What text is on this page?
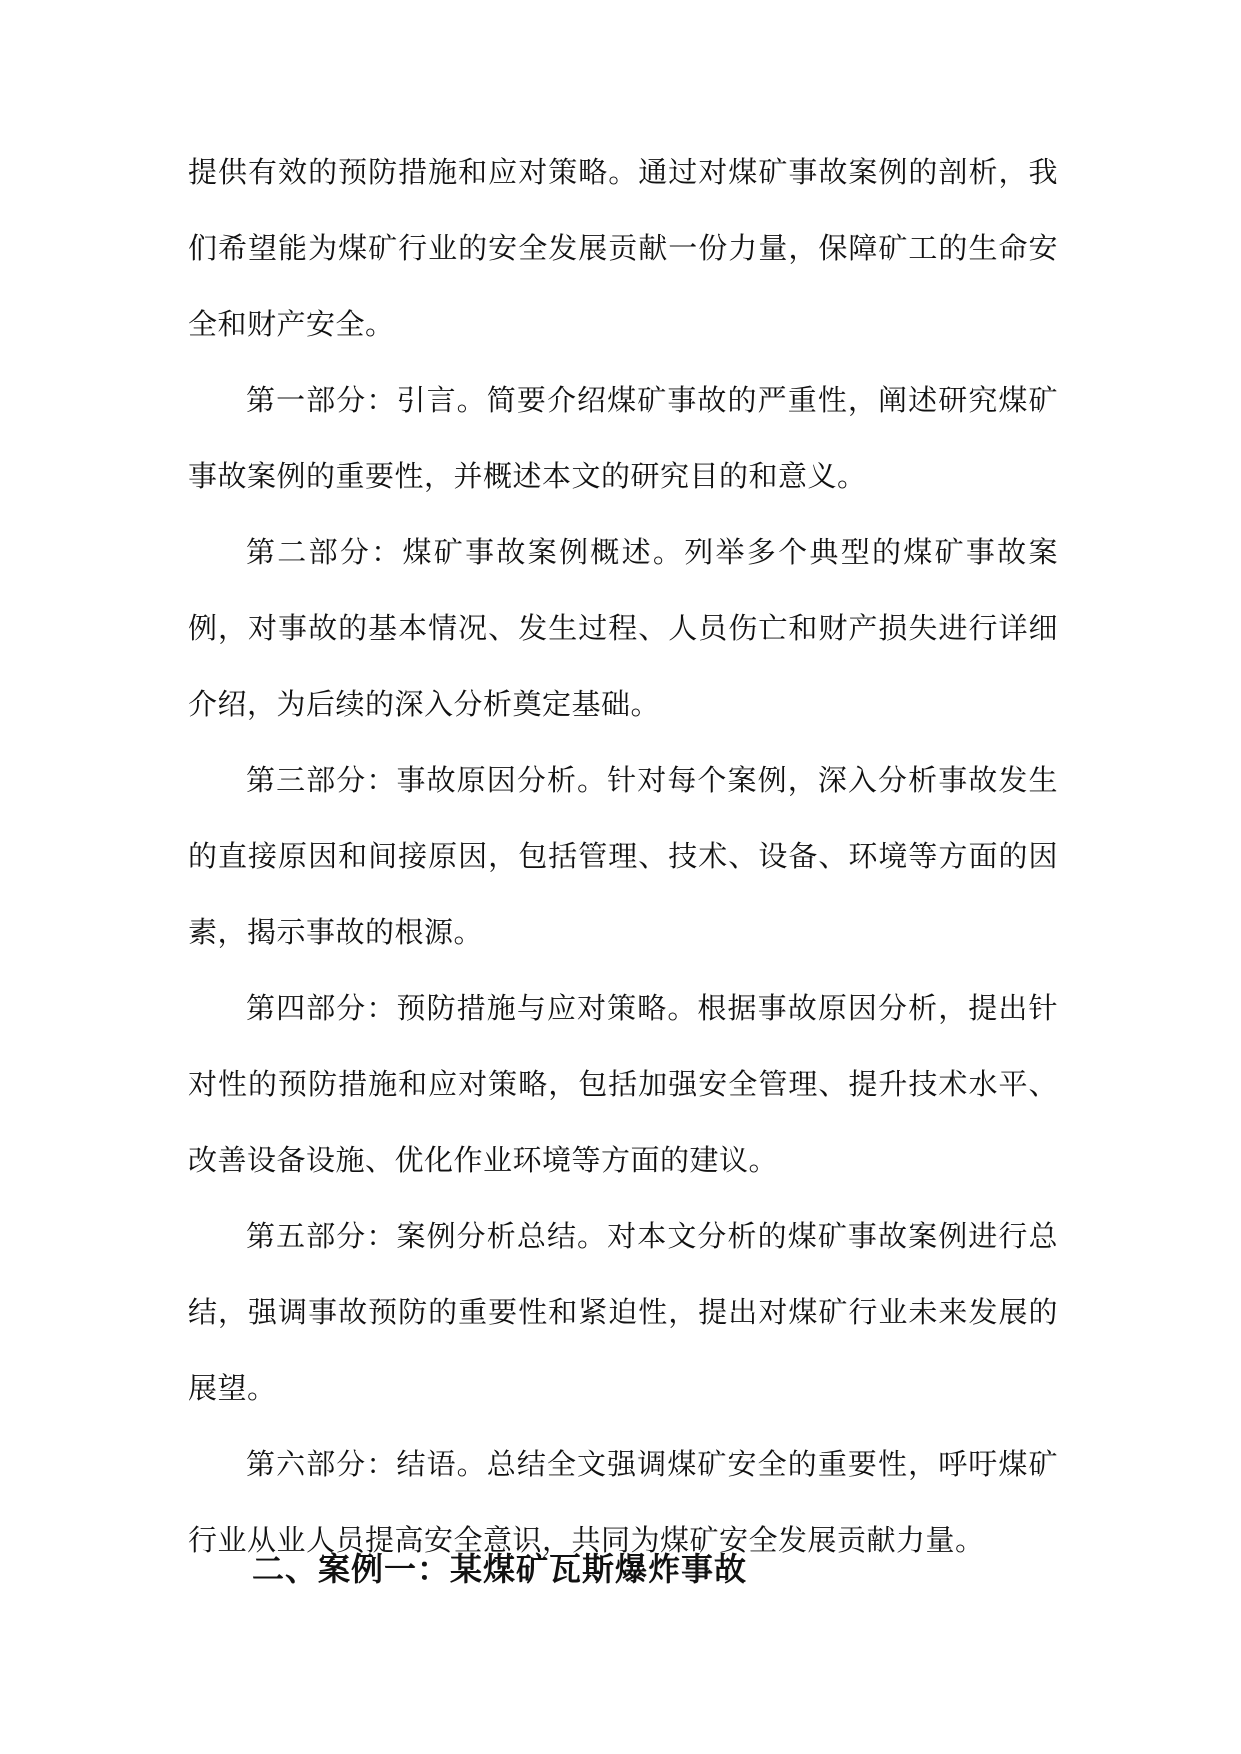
提供有效的预防措施和应对策略。通过对煤矿事故案例的剖析，我们希望能为煤矿行业的安全发展贡献一份力量，保障矿工的生命安全和财产安全。

第一部分：引言。简要介绍煤矿事故的严重性，阐述研究煤矿事故案例的重要性，并概述本文的研究目的和意义。

第二部分：煤矿事故案例概述。列举多个典型的煤矿事故案例，对事故的基本情况、发生过程、人员伤亡和财产损失进行详细介绍，为后续的深入分析奠定基础。

第三部分：事故原因分析。针对每个案例，深入分析事故发生的直接原因和间接原因，包括管理、技术、设备、环境等方面的因素，揭示事故的根源。

第四部分：预防措施与应对策略。根据事故原因分析，提出针对性的预防措施和应对策略，包括加强安全管理、提升技术水平、改善设备设施、优化作业环境等方面的建议。

第五部分：案例分析总结。对本文分析的煤矿事故案例进行总结，强调事故预防的重要性和紧迫性，提出对煤矿行业未来发展的展望。

第六部分：结语。总结全文强调煤矿安全的重要性，呼吁煤矿行业从业人员提高安全意识，共同为煤矿安全发展贡献力量。

二、案例一：某煤矿瓦斯爆炸事故
